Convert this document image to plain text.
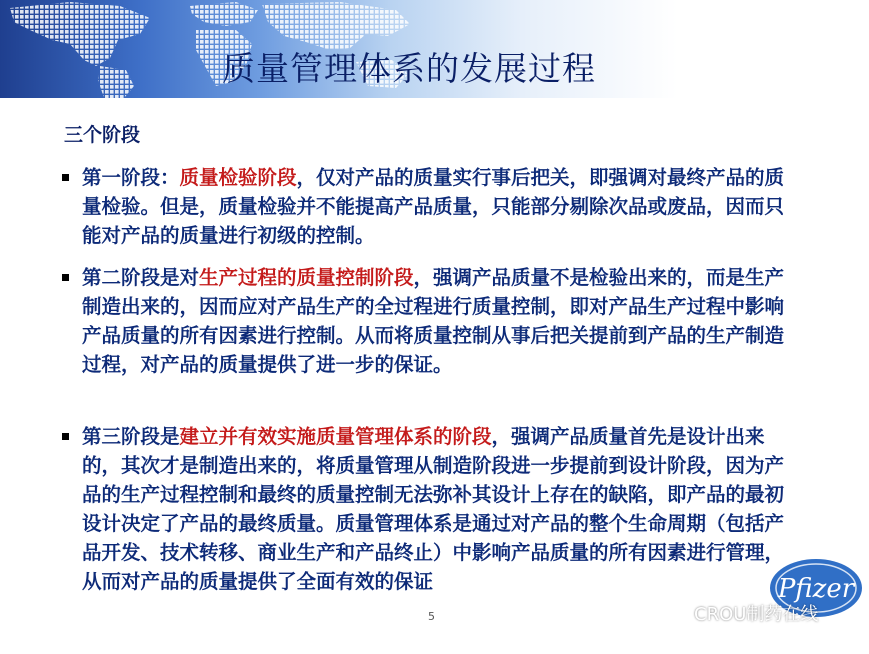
质量管理体系的发展过程
三个阶段
第一阶段：质量检验阶段，仅对产品的质量实行事后把关，即强调对最终产品的质量检验。但是，质量检验并不能提高产品质量，只能部分剔除次品或废品，因而只能对产品的质量进行初级的控制。
第二阶段是对生产过程的质量控制阶段，强调产品质量不是检验出来的，而是生产制造出来的，因而应对产品生产的全过程进行质量控制，即对产品生产过程中影响产品质量的所有因素进行控制。从而将质量控制从事后把关提前到产品的生产制造过程，对产品的质量提供了进一步的保证。
第三阶段是建立并有效实施质量管理体系的阶段，强调产品质量首先是设计出来的，其次才是制造出来的，将质量管理从制造阶段进一步提前到设计阶段，因为产品的生产过程控制和最终的质量控制无法弥补其设计上存在的缺陷，即产品的最初设计决定了产品的最终质量。质量管理体系是通过对产品的整个生命周期（包括产品开发、技术转移、商业生产和产品终止）中影响产品质量的所有因素进行管理，从而对产品的质量提供了全面有效的保证	Pfizer
5	CROU制药在线
